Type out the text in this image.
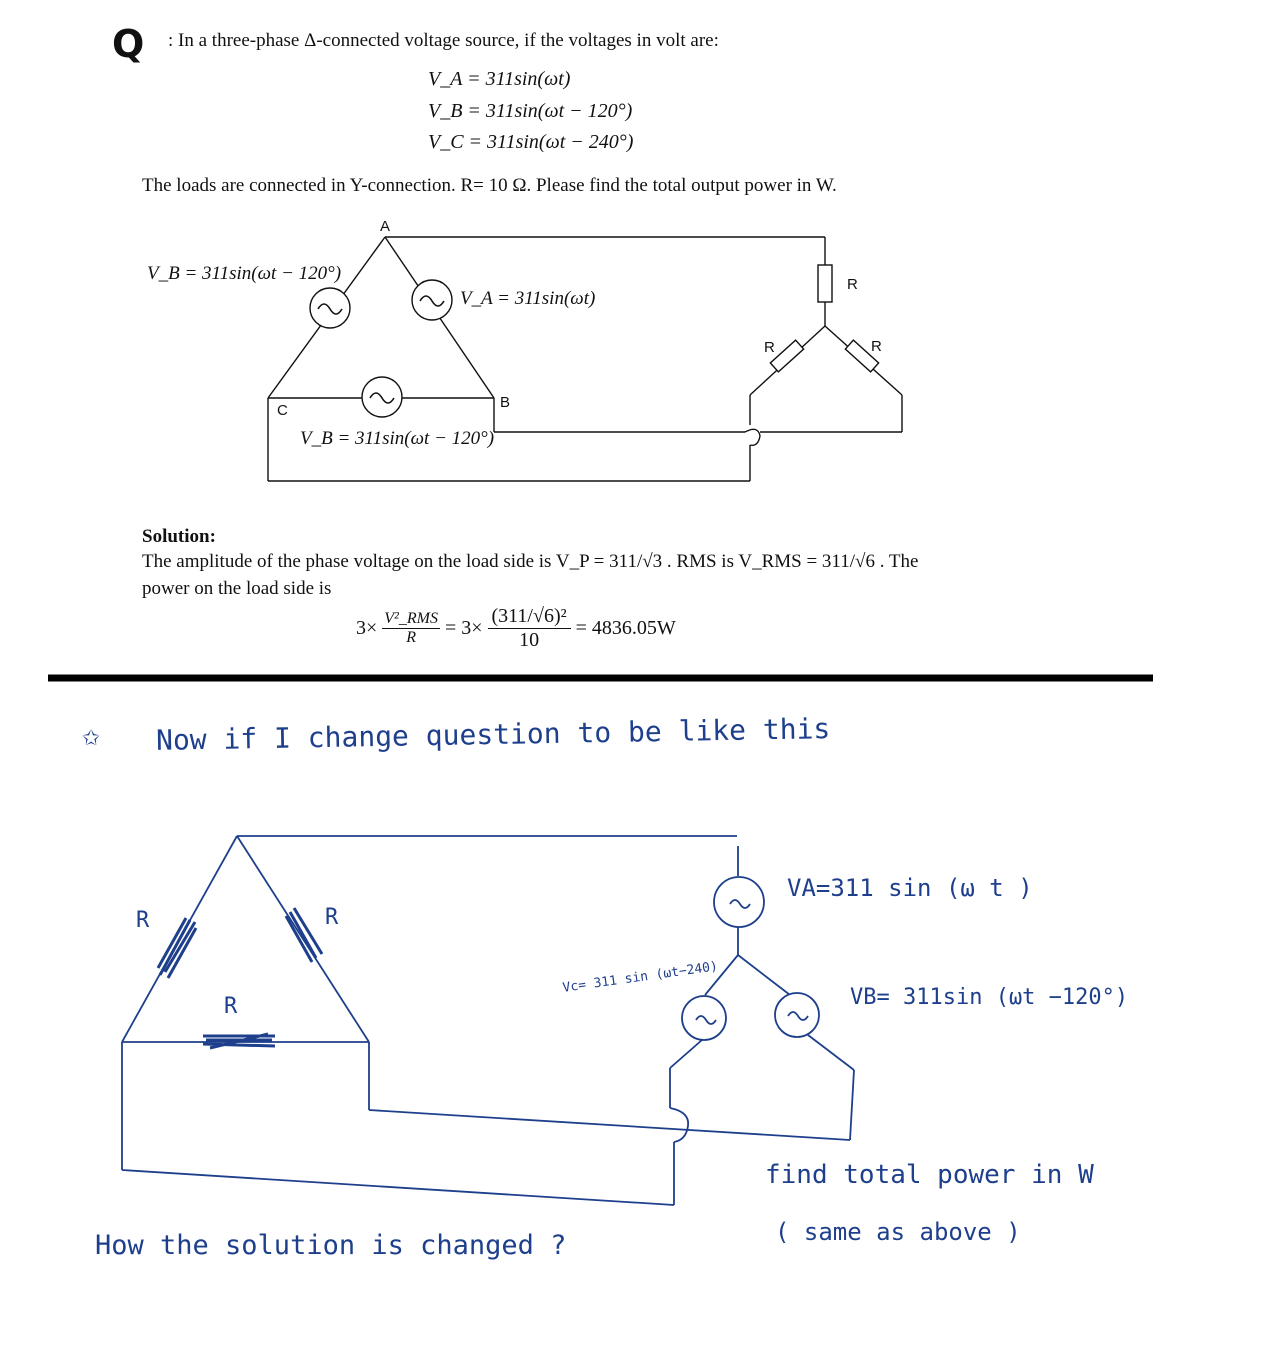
Q : In a three-phase Δ-connected voltage source, if the voltages in volt are:
V_A = 311sin(ωt)
V_B = 311sin(ωt − 120°)
V_C = 311sin(ωt − 240°)
The loads are connected in Y-connection. R= 10 Ω. Please find the total output power in W.
A
B
C
V_B = 311sin(ωt − 120°)
V_A = 311sin(ωt)
V_B = 311sin(ωt − 120°)
R
R	R
Solution:
The amplitude of the phase voltage on the load side is V_P = 311/√3 . RMS is V_RMS = 311/√6 . The
power on the load side is
3× V²_RMS
R	= $3\times \frac{\text{(311/√6)²}}{10} = 4836.05W$
✩ Now if I change question to be like this
R	R
R
VA=311 sin (ω t )
VB= 311sin (ωt −120°)
Vc= 311 sin (ωt−240)
find total power in W
( same as above )
How the solution is changed ?
